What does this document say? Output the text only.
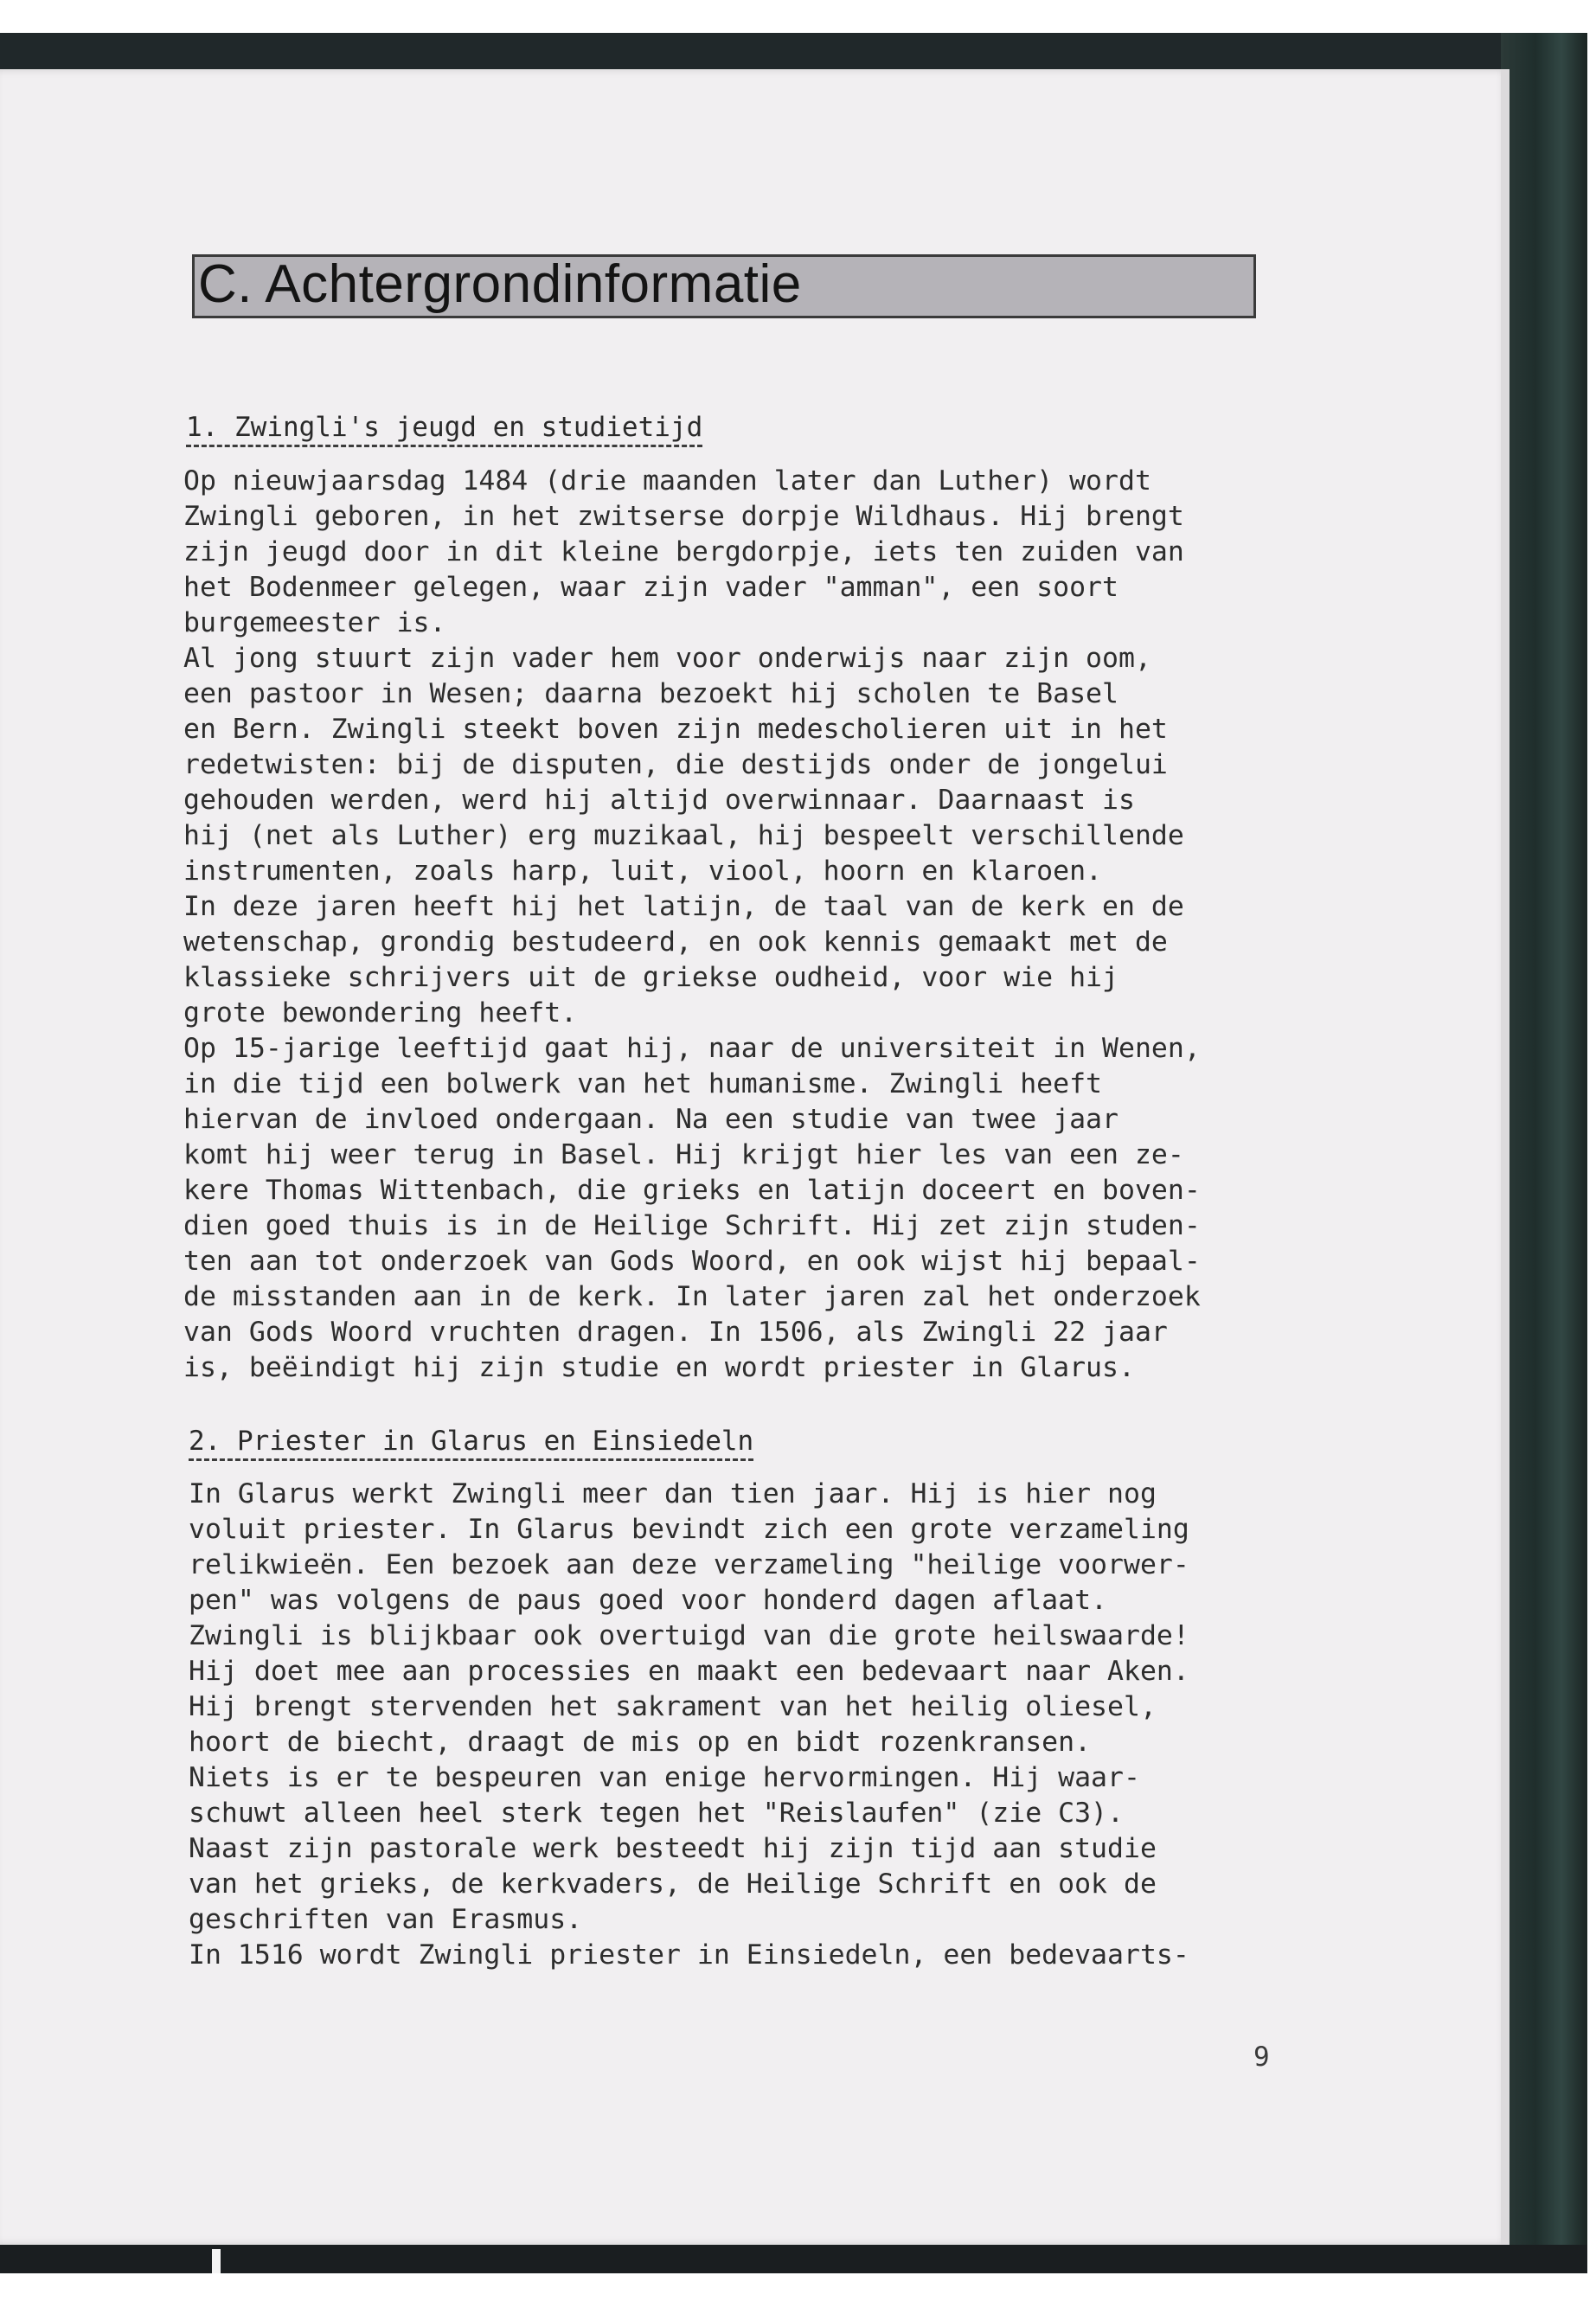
C. Achtergrondinformatie
1. Zwingli's jeugd en studietijd
Op nieuwjaarsdag 1484 (drie maanden later dan Luther) wordt
Zwingli geboren, in het zwitserse dorpje Wildhaus. Hij brengt
zijn jeugd door in dit kleine bergdorpje, iets ten zuiden van
het Bodenmeer gelegen, waar zijn vader "amman", een soort
burgemeester is.
Al jong stuurt zijn vader hem voor onderwijs naar zijn oom,
een pastoor in Wesen; daarna bezoekt hij scholen te Basel
en Bern. Zwingli steekt boven zijn medescholieren uit in het
redetwisten: bij de disputen, die destijds onder de jongelui
gehouden werden, werd hij altijd overwinnaar. Daarnaast is
hij (net als Luther) erg muzikaal, hij bespeelt verschillende
instrumenten, zoals harp, luit, viool, hoorn en klaroen.
In deze jaren heeft hij het latijn, de taal van de kerk en de
wetenschap, grondig bestudeerd, en ook kennis gemaakt met de
klassieke schrijvers uit de griekse oudheid, voor wie hij
grote bewondering heeft.
Op 15-jarige leeftijd gaat hij, naar de universiteit in Wenen,
in die tijd een bolwerk van het humanisme. Zwingli heeft
hiervan de invloed ondergaan. Na een studie van twee jaar
komt hij weer terug in Basel. Hij krijgt hier les van een ze-
kere Thomas Wittenbach, die grieks en latijn doceert en boven-
dien goed thuis is in de Heilige Schrift. Hij zet zijn studen-
ten aan tot onderzoek van Gods Woord, en ook wijst hij bepaal-
de misstanden aan in de kerk. In later jaren zal het onderzoek
van Gods Woord vruchten dragen. In 1506, als Zwingli 22 jaar
is, beëindigt hij zijn studie en wordt priester in Glarus.
2. Priester in Glarus en Einsiedeln
In Glarus werkt Zwingli meer dan tien jaar. Hij is hier nog
voluit priester. In Glarus bevindt zich een grote verzameling
relikwieën. Een bezoek aan deze verzameling "heilige voorwer-
pen" was volgens de paus goed voor honderd dagen aflaat.
Zwingli is blijkbaar ook overtuigd van die grote heilswaarde!
Hij doet mee aan processies en maakt een bedevaart naar Aken.
Hij brengt stervenden het sakrament van het heilig oliesel,
hoort de biecht, draagt de mis op en bidt rozenkransen.
Niets is er te bespeuren van enige hervormingen. Hij waar-
schuwt alleen heel sterk tegen het "Reislaufen" (zie C3).
Naast zijn pastorale werk besteedt hij zijn tijd aan studie
van het grieks, de kerkvaders, de Heilige Schrift en ook de
geschriften van Erasmus.
In 1516 wordt Zwingli priester in Einsiedeln, een bedevaarts-
9
